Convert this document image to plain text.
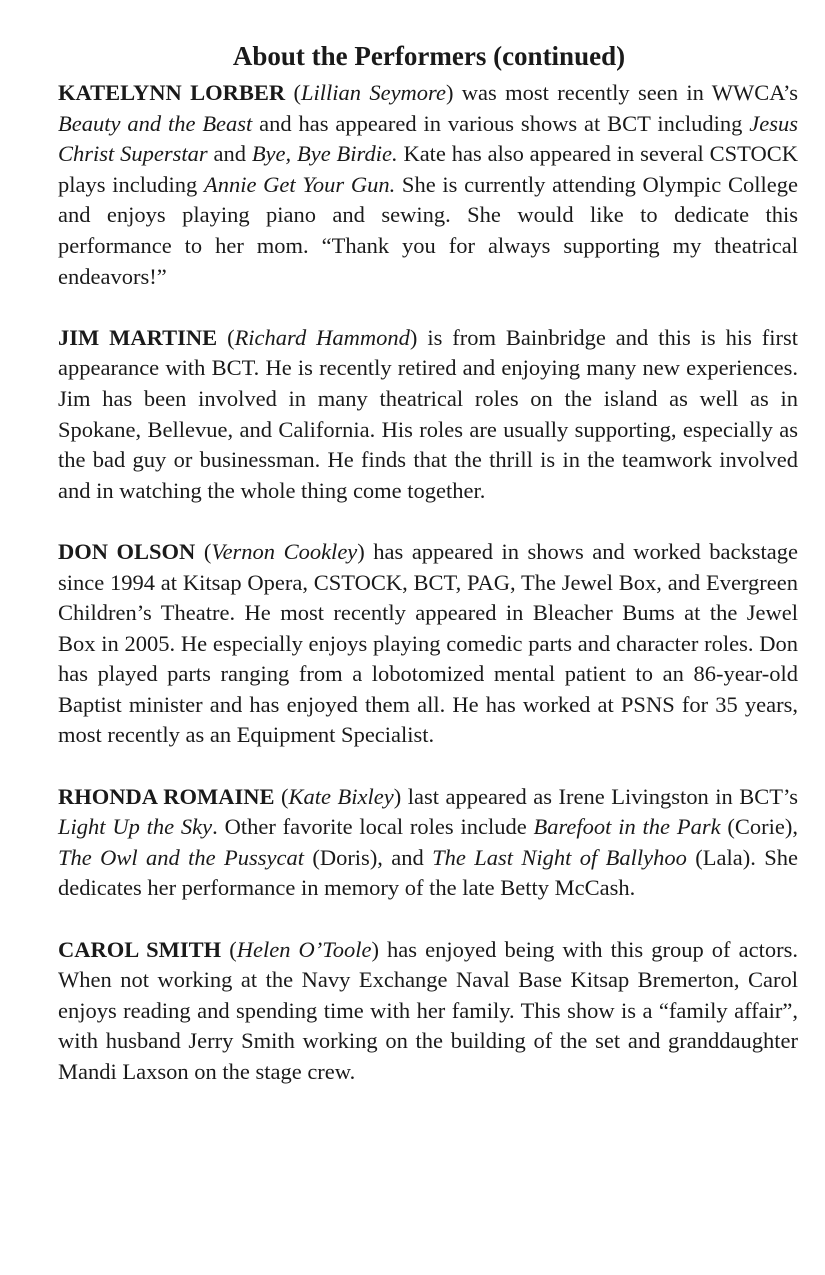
About the Performers (continued)

KATELYNN LORBER (Lillian Seymore) was most recently seen in WWCA’s Beauty and the Beast and has appeared in various shows at BCT including Jesus Christ Superstar and Bye, Bye Birdie. Kate has also appeared in several CSTOCK plays including Annie Get Your Gun. She is currently attending Olympic College and enjoys playing piano and sewing. She would like to dedicate this performance to her mom. “Thank you for always supporting my theatrical endeavors!”

JIM MARTINE (Richard Hammond) is from Bainbridge and this is his first appearance with BCT. He is recently retired and enjoying many new experiences. Jim has been involved in many theatrical roles on the island as well as in Spokane, Bellevue, and California. His roles are usually supporting, especially as the bad guy or businessman. He finds that the thrill is in the teamwork involved and in watching the whole thing come together.

DON OLSON (Vernon Cookley) has appeared in shows and worked backstage since 1994 at Kitsap Opera, CSTOCK, BCT, PAG, The Jewel Box, and Evergreen Children’s Theatre. He most recently appeared in Bleacher Bums at the Jewel Box in 2005. He especially enjoys playing comedic parts and character roles. Don has played parts ranging from a lobotomized mental patient to an 86-year-old Baptist minister and has enjoyed them all. He has worked at PSNS for 35 years, most recently as an Equipment Specialist.

RHONDA ROMAINE (Kate Bixley) last appeared as Irene Livingston in BCT’s Light Up the Sky. Other favorite local roles include Barefoot in the Park (Corie), The Owl and the Pussycat (Doris), and The Last Night of Ballyhoo (Lala). She dedicates her performance in memory of the late Betty McCash.

CAROL SMITH (Helen O’Toole) has enjoyed being with this group of actors. When not working at the Navy Exchange Naval Base Kitsap Bremerton, Carol enjoys reading and spending time with her family. This show is a “family affair”, with husband Jerry Smith working on the building of the set and granddaughter Mandi Laxson on the stage crew.
